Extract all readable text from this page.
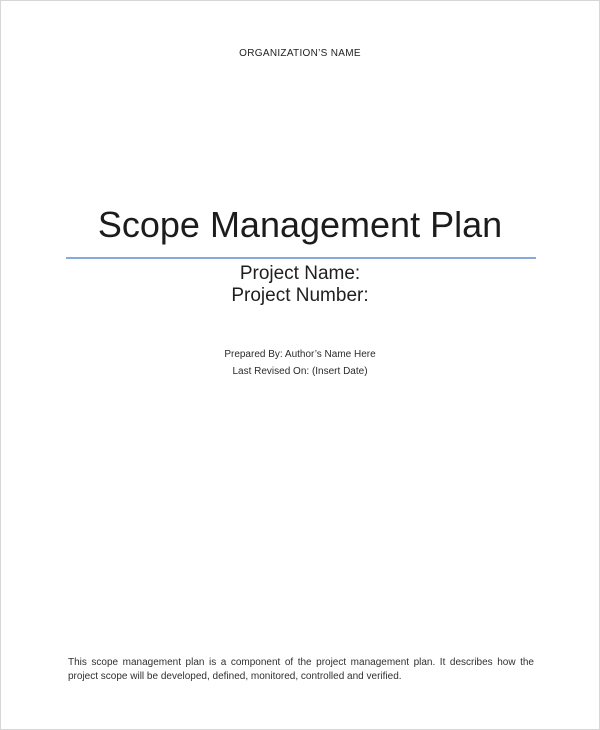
ORGANIZATION’S NAME
Scope Management Plan
Project Name:
Project Number:
Prepared By: Author’s Name Here
Last Revised On: (Insert Date)
This scope management plan is a component of the project management plan. It describes how the project scope will be developed, defined, monitored, controlled and verified.
